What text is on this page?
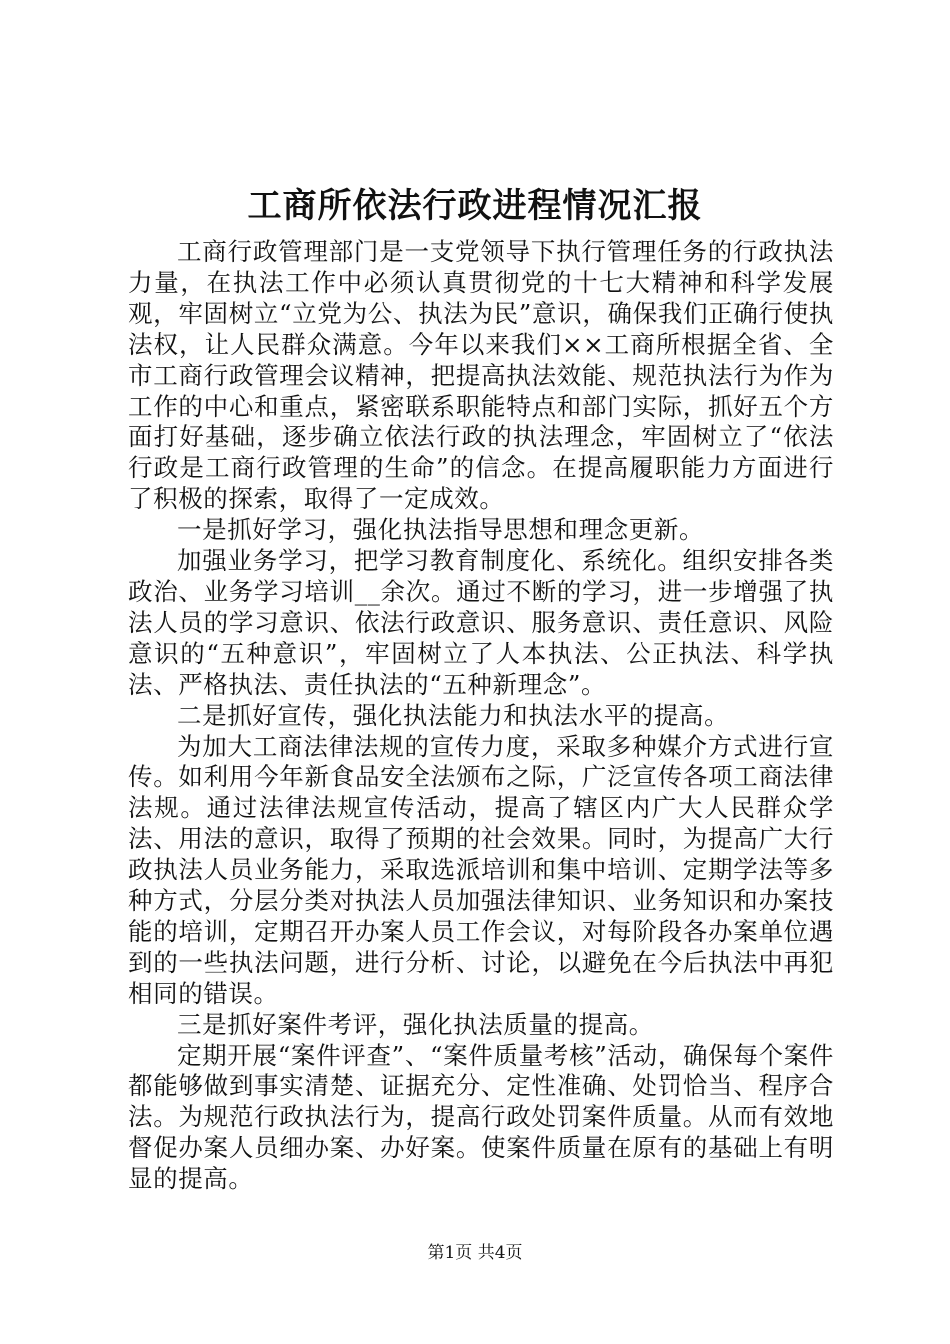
工商所依法行政进程情况汇报

工商行政管理部门是一支党领导下执行管理任务的行政执法力量，在执法工作中必须认真贯彻党的十七大精神和科学发展观，牢固树立“立党为公、执法为民”意识，确保我们正确行使执法权，让人民群众满意。今年以来我们××工商所根据全省、全市工商行政管理会议精神，把提高执法效能、规范执法行为作为工作的中心和重点，紧密联系职能特点和部门实际，抓好五个方面打好基础，逐步确立依法行政的执法理念，牢固树立了“依法行政是工商行政管理的生命”的信念。在提高履职能力方面进行了积极的探索，取得了一定成效。

一是抓好学习，强化执法指导思想和理念更新。

加强业务学习，把学习教育制度化、系统化。组织安排各类政治、业务学习培训__余次。通过不断的学习，进一步增强了执法人员的学习意识、依法行政意识、服务意识、责任意识、风险意识的“五种意识”，牢固树立了人本执法、公正执法、科学执法、严格执法、责任执法的“五种新理念”。

二是抓好宣传，强化执法能力和执法水平的提高。

为加大工商法律法规的宣传力度，采取多种媒介方式进行宣传。如利用今年新食品安全法颁布之际，广泛宣传各项工商法律法规。通过法律法规宣传活动，提高了辖区内广大人民群众学法、用法的意识，取得了预期的社会效果。同时，为提高广大行政执法人员业务能力，采取选派培训和集中培训、定期学法等多种方式，分层分类对执法人员加强法律知识、业务知识和办案技能的培训，定期召开办案人员工作会议，对每阶段各办案单位遇到的一些执法问题，进行分析、讨论，以避免在今后执法中再犯相同的错误。

三是抓好案件考评，强化执法质量的提高。

定期开展“案件评查”、“案件质量考核”活动，确保每个案件都能够做到事实清楚、证据充分、定性准确、处罚恰当、程序合法。为规范行政执法行为，提高行政处罚案件质量。从而有效地督促办案人员细办案、办好案。使案件质量在原有的基础上有明显的提高。

第1页 共4页
